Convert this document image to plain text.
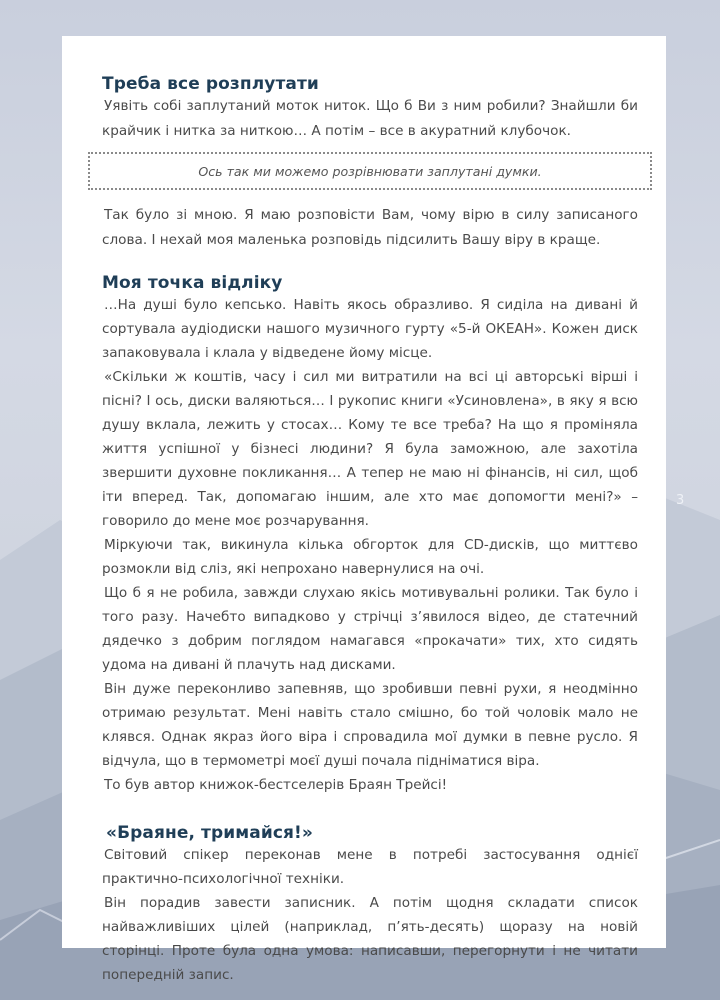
3
Треба все розплутати

Уявіть собі заплутаний моток ниток. Що б Ви з ним робили? Знайшли би крайчик і нитка за ниткою… А потім – все в акуратний клубочок.

Ось так ми можемо розрівнювати заплутані думки.

Так було зі мною. Я маю розповісти Вам, чому вірю в силу записаного слова. І нехай моя маленька розповідь підсилить Вашу віру в краще.

Моя точка відліку

…На душі було кепсько. Навіть якось образливо. Я сиділа на дивані й сортувала аудіодиски нашого музичного гурту «5-й ОКЕАН». Кожен диск запаковувала і клала у відведене йому місце.

«Скільки ж коштів, часу і сил ми витратили на всі ці авторські вірші і пісні? І ось, диски валяються… І рукопис книги «Усиновлена», в яку я всю душу вклала, лежить у стосах… Кому те все треба? На що я проміняла життя успішної у бізнесі людини? Я була заможною, але захотіла звершити духовне покликання… А тепер не маю ні фінансів, ні сил, щоб іти вперед. Так, допомагаю іншим, але хто має допомогти мені?» – говорило до мене моє розчарування.

Міркуючи так, викинула кілька обгорток для CD-дисків, що миттєво розмокли від сліз, які непрохано навернулися на очі.

Що б я не робила, завжди слухаю якісь мотивувальні ролики. Так було і того разу. Начебто випадково у стрічці з’явилося відео, де статечний дядечко з добрим поглядом намагався «прокачати» тих, хто сидять удома на дивані й плачуть над дисками.

Він дуже переконливо запевняв, що зробивши певні рухи, я неодмінно отримаю результат. Мені навіть стало смішно, бо той чоловік мало не клявся. Однак якраз його віра і спровадила мої думки в певне русло. Я відчула, що в термометрі моєї душі почала підніматися віра.

То був автор книжок-бестселерів Браян Трейсі!

«Браяне, тримайся!»

Світовий спікер переконав мене в потребі застосування однієї практично-психологічної техніки.

Він порадив завести записник. А потім щодня складати список найважливіших цілей (наприклад, п’ять-десять) щоразу на новій сторінці. Проте була одна умова: написавши, перегорнути і не читати попередній запис.
